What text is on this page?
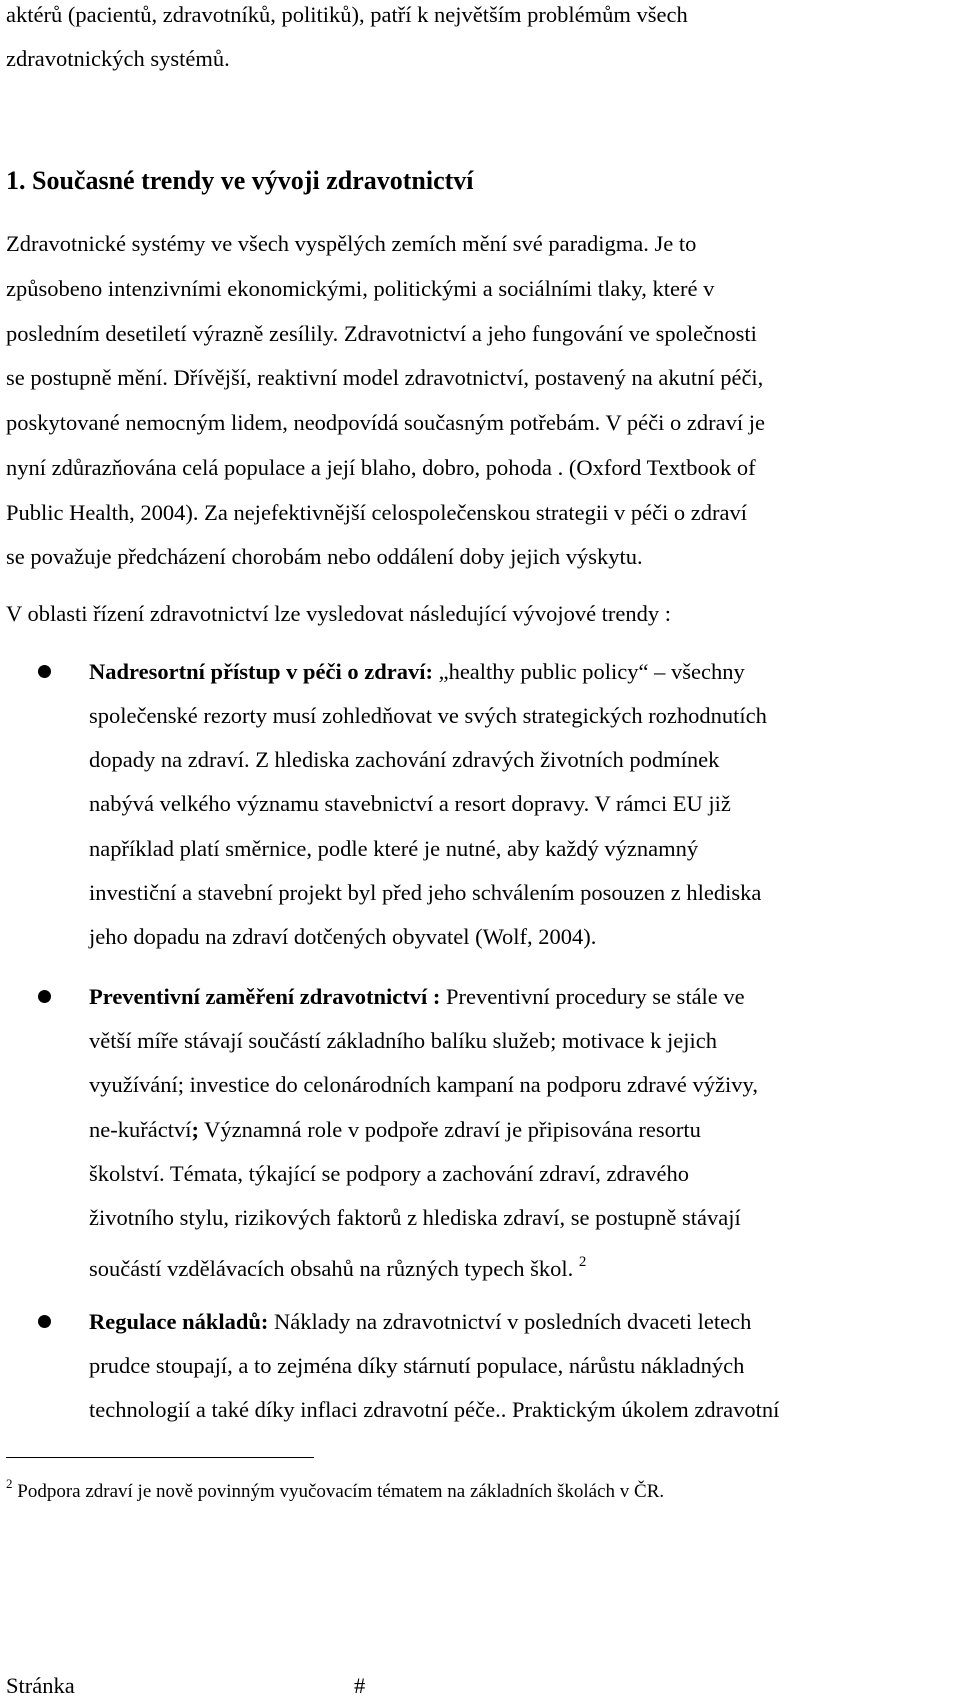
aktérů (pacientů, zdravotníků, politiků), patří k největším problémům všech

zdravotnických systémů.

1. Současné trendy ve vývoji zdravotnictví

Zdravotnické systémy ve všech vyspělých zemích mění své paradigma. Je to

způsobeno intenzivními ekonomickými, politickými a sociálními tlaky, které v

posledním desetiletí výrazně zesílily. Zdravotnictví a jeho fungování ve společnosti

se postupně mění. Dřívější, reaktivní model zdravotnictví, postavený na akutní péči,

poskytované nemocným lidem, neodpovídá současným potřebám. V péči o zdraví je

nyní zdůrazňována celá populace a její blaho, dobro, pohoda . (Oxford Textbook of

Public Health, 2004). Za nejefektivnější celospolečenskou strategii v péči o zdraví

se považuje předcházení chorobám nebo oddálení doby jejich výskytu.

V oblasti řízení zdravotnictví lze vysledovat následující vývojové trendy :

Nadresortní přístup v péči o zdraví: „healthy public policy“ – všechny

společenské rezorty musí zohledňovat ve svých strategických rozhodnutích

dopady na zdraví. Z hlediska zachování zdravých životních podmínek

nabývá velkého významu stavebnictví a resort dopravy. V rámci EU již

například platí směrnice, podle které je nutné, aby každý významný

investiční a stavební projekt byl před jeho schválením posouzen z hlediska

jeho dopadu na zdraví dotčených obyvatel (Wolf, 2004).

Preventivní zaměření zdravotnictví : Preventivní procedury se stále ve

větší míře stávají součástí základního balíku služeb; motivace k jejich

využívání; investice do celonárodních kampaní na podporu zdravé výživy,

ne-kuřáctví; Významná role v podpoře zdraví je připisována resortu

školství. Témata, týkající se podpory a zachování zdraví, zdravého

životního stylu, rizikových faktorů z hlediska zdraví, se postupně stávají

součástí vzdělávacích obsahů na různých typech škol. $^2$

Regulace nákladů: Náklady na zdravotnictví v posledních dvaceti letech

prudce stoupají, a to zejména díky stárnutí populace, nárůstu nákladných

technologií a také díky inflaci zdravotní péče.. Praktickým úkolem zdravotní

$^2$ Podpora zdraví je nově povinným vyučovacím tématem na základních školách v ČR.

Stránka	#
